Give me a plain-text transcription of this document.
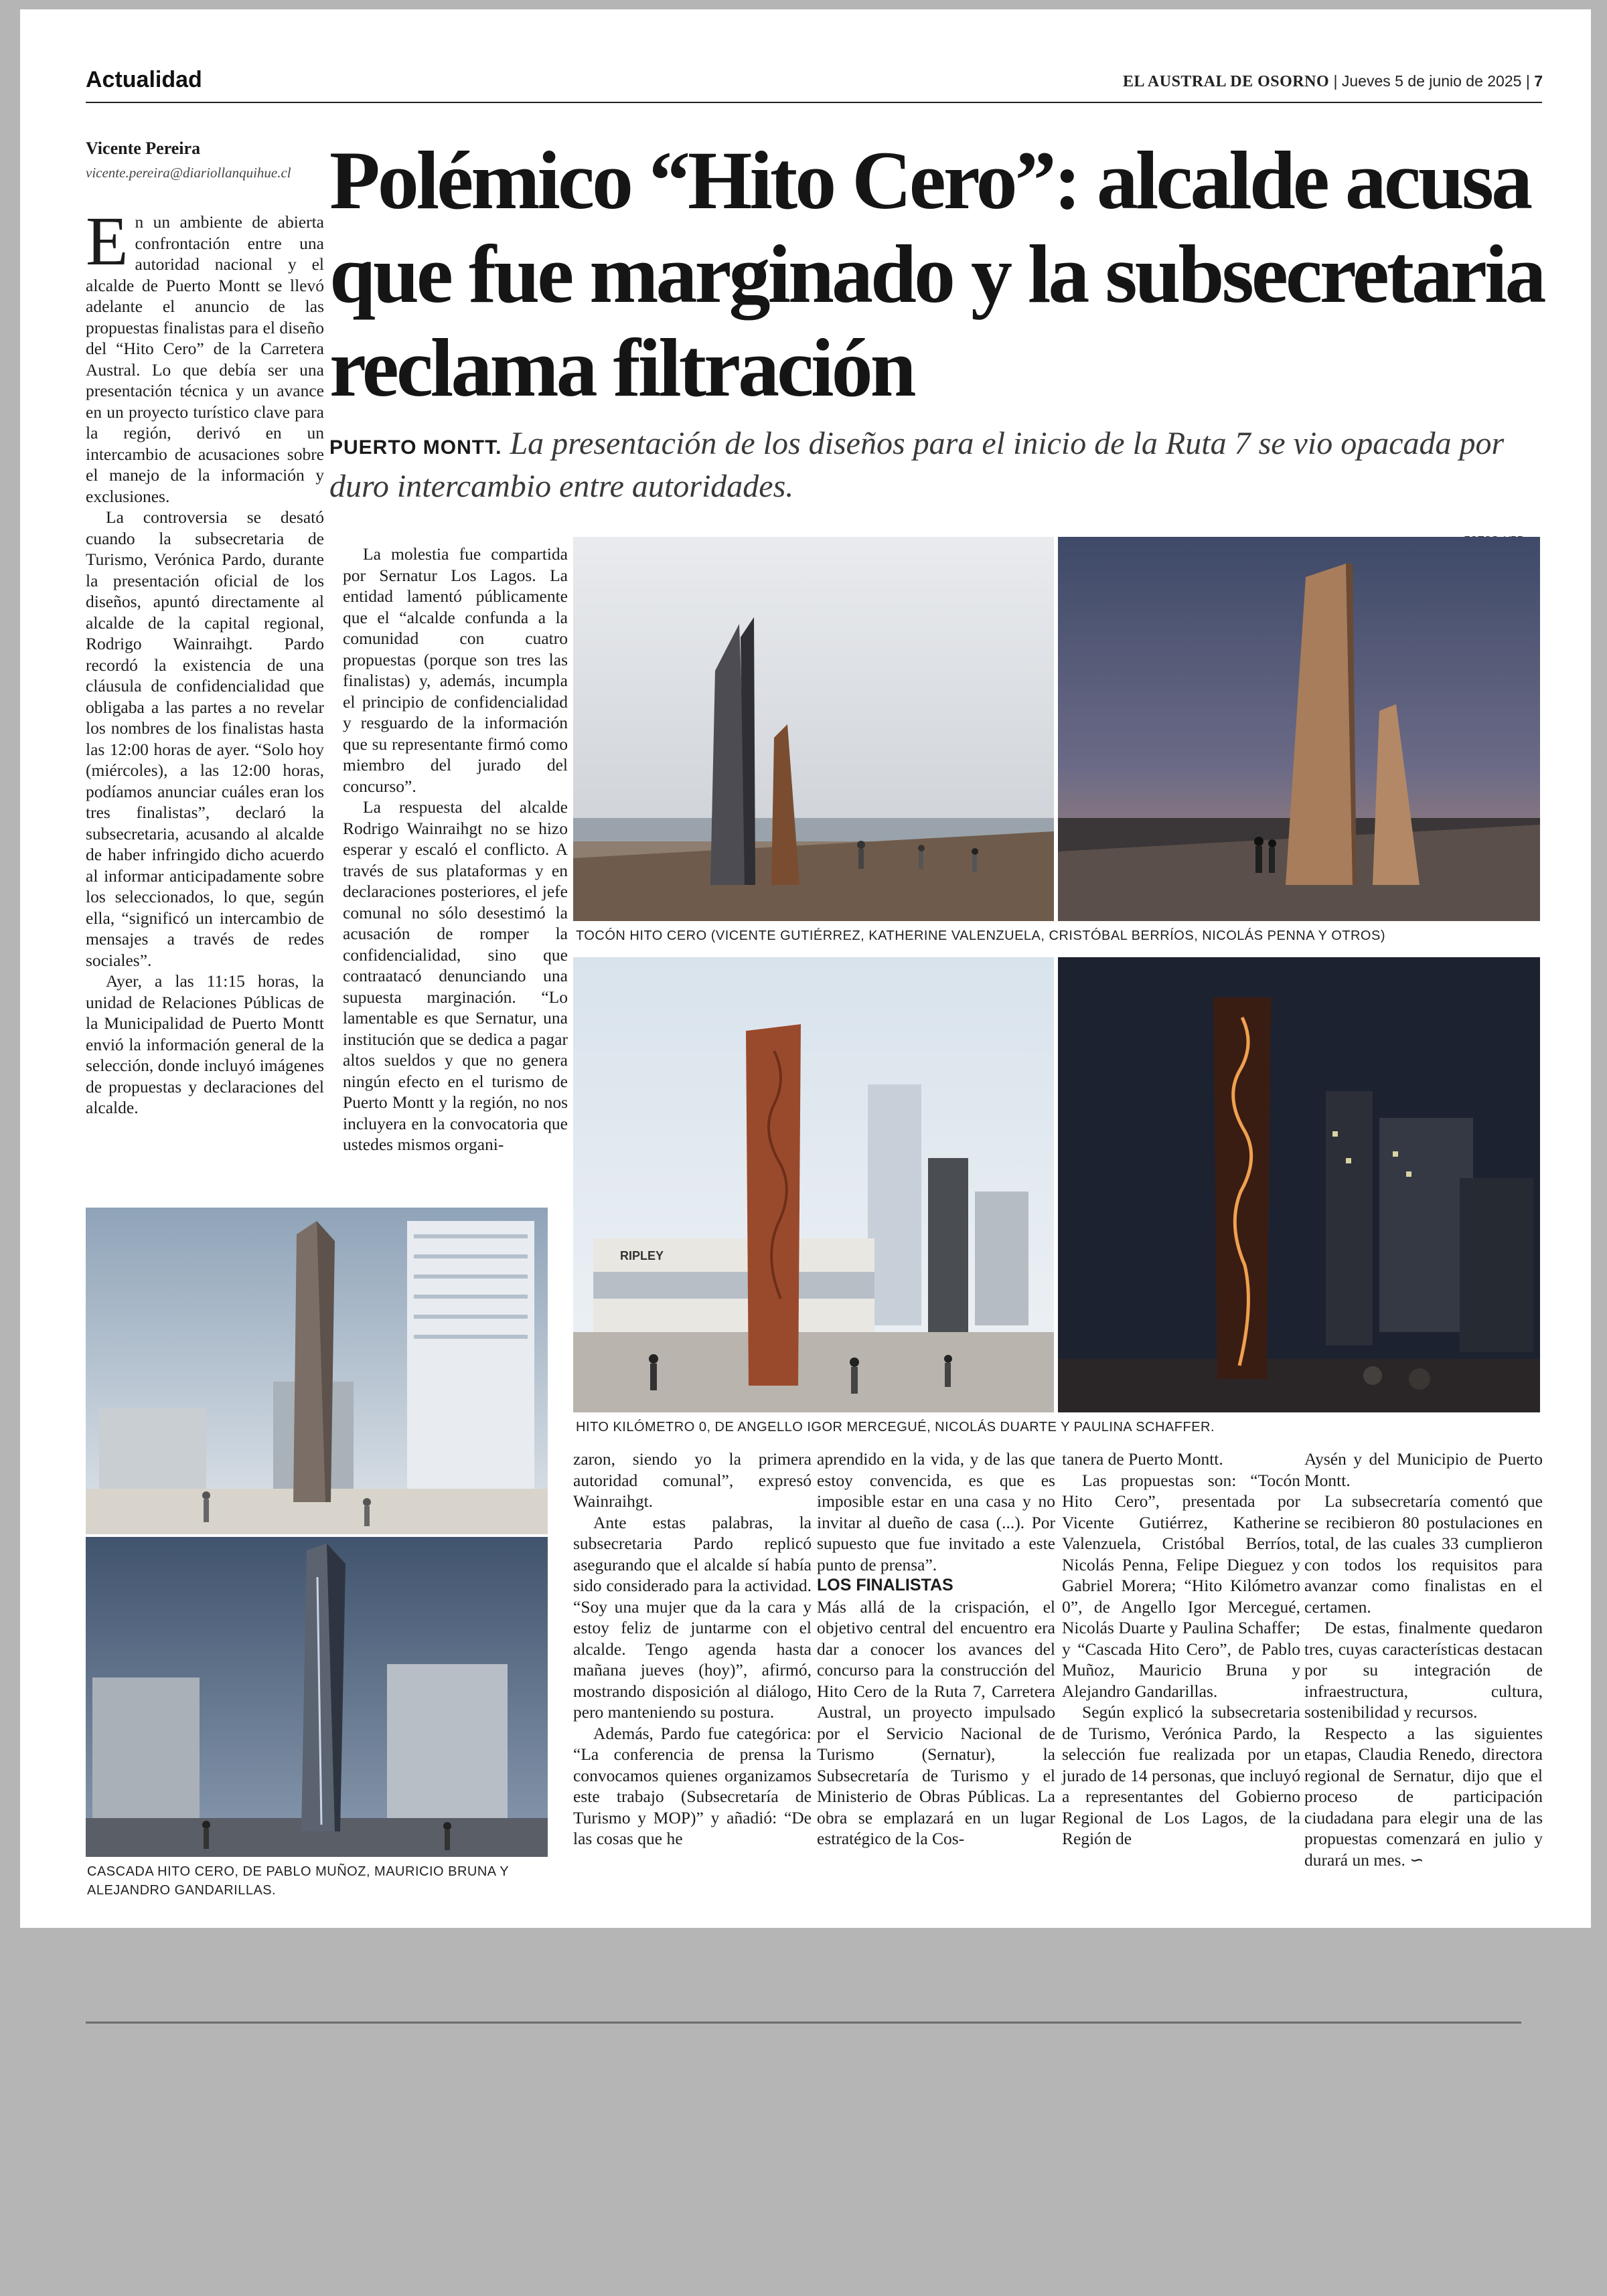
Actualidad	EL AUSTRAL DE OSORNO | Jueves 5 de junio de 2025 | 7
Vicente Pereira
vicente.pereira@diariollanquihue.cl Polémico “Hito Cero”: alcalde acusa que fue marginado y la subsecretaria reclama filtración
PUERTO MONTT. La presentación de los diseños para el inicio de la Ruta 7 se vio opacada por duro intercambio entre autoridades.

En un ambiente de abierta confrontación entre una autoridad nacional y el alcalde de Puerto Montt se llevó adelante el anuncio de las propuestas finalistas para el diseño del “Hito Cero” de la Carretera Austral. Lo que debía ser una presentación técnica y un avance en un proyecto turístico clave para la región, derivó en un intercambio de acusaciones sobre el manejo de la información y exclusiones.

La controversia se desató cuando la subsecretaria de Turismo, Verónica Pardo, durante la presentación oficial de los diseños, apuntó directamente al alcalde de la capital regional, Rodrigo Wainraihgt. Pardo recordó la existencia de una cláusula de confidencialidad que obligaba a las partes a no revelar los nombres de los finalistas hasta las 12:00 horas de ayer. “Solo hoy (miércoles), a las 12:00 horas, podíamos anunciar cuáles eran los tres finalistas”, declaró la subsecretaria, acusando al alcalde de haber infringido dicho acuerdo al informar anticipadamente sobre los seleccionados, lo que, según ella, “significó un intercambio de mensajes a través de redes sociales”.

Ayer, a las 11:15 horas, la unidad de Relaciones Públicas de la Municipalidad de Puerto Montt envió la información general de la selección, donde incluyó imágenes de propuestas y declaraciones del alcalde.

La molestia fue compartida por Sernatur Los Lagos. La entidad lamentó públicamente que el “alcalde confunda a la comunidad con cuatro propuestas (porque son tres las finalistas) y, además, incumpla el principio de confidencialidad y resguardo de la información que su representante firmó como miembro del jurado del concurso”.

La respuesta del alcalde Rodrigo Wainraihgt no se hizo esperar y escaló el conflicto. A través de sus plataformas y en declaraciones posteriores, el jefe comunal no sólo desestimó la acusación de romper la confidencialidad, sino que contraatacó denunciando una supuesta marginación. “Lo lamentable es que Sernatur, una institución que se dedica a pagar altos sueldos y que no genera ningún efecto en el turismo de Puerto Montt y la región, no nos incluyera en la convocatoria que ustedes mismos organi-

TOCÓN HITO CERO (VICENTE GUTIÉRREZ, KATHERINE VALENZUELA, CRISTÓBAL BERRÍOS, NICOLÁS PENNA Y OTROS)
RIPLEY
HITO KILÓMETRO 0, DE ANGELLO IGOR MERCEGUÉ, NICOLÁS DUARTE Y PAULINA SCHAFFER.
CASCADA HITO CERO, DE PABLO MUÑOZ, MAURICIO BRUNA Y ALEJANDRO GANDARILLAS.

zaron, siendo yo la primera autoridad comunal”, expresó Wainraihgt.

Ante estas palabras, la subsecretaria Pardo replicó asegurando que el alcalde sí había sido considerado para la actividad. “Soy una mujer que da la cara y estoy feliz de juntarme con el alcalde. Tengo agenda hasta mañana jueves (hoy)”, afirmó, mostrando disposición al diálogo, pero manteniendo su postura.

Además, Pardo fue categórica: “La conferencia de prensa la convocamos quienes organizamos este trabajo (Subsecretaría de Turismo y MOP)” y añadió: “De las cosas que he

aprendido en la vida, y de las que estoy convencida, es que es imposible estar en una casa y no invitar al dueño de casa (...). Por supuesto que fue invitado a este punto de prensa”.

LOS FINALISTAS

Más allá de la crispación, el objetivo central del encuentro era dar a conocer los avances del concurso para la construcción del Hito Cero de la Ruta 7, Carretera Austral, un proyecto impulsado por el Servicio Nacional de Turismo (Sernatur), la Subsecretaría de Turismo y el Ministerio de Obras Públicas. La obra se emplazará en un lugar estratégico de la Cos-

tanera de Puerto Montt.

Las propuestas son: “Tocón Hito Cero”, presentada por Vicente Gutiérrez, Katherine Valenzuela, Cristóbal Berríos, Nicolás Penna, Felipe Dieguez y Gabriel Morera; “Hito Kilómetro 0”, de Angello Igor Mercegué, Nicolás Duarte y Paulina Schaffer; y “Cascada Hito Cero”, de Pablo Muñoz, Mauricio Bruna y Alejandro Gandarillas.

Según explicó la subsecretaria de Turismo, Verónica Pardo, la selección fue realizada por un jurado de 14 personas, que incluyó a representantes del Gobierno Regional de Los Lagos, de la Región de

Aysén y del Municipio de Puerto Montt.

La subsecretaría comentó que se recibieron 80 postulaciones en total, de las cuales 33 cumplieron con todos los requisitos para avanzar como finalistas en el certamen.

De estas, finalmente quedaron tres, cuyas características destacan por su integración de infraestructura, cultura, sostenibilidad y recursos.

Respecto a las siguientes etapas, Claudia Renedo, directora regional de Sernatur, dijo que el proceso de participación ciudadana para elegir una de las propuestas comenzará en julio y durará un mes. ∽
